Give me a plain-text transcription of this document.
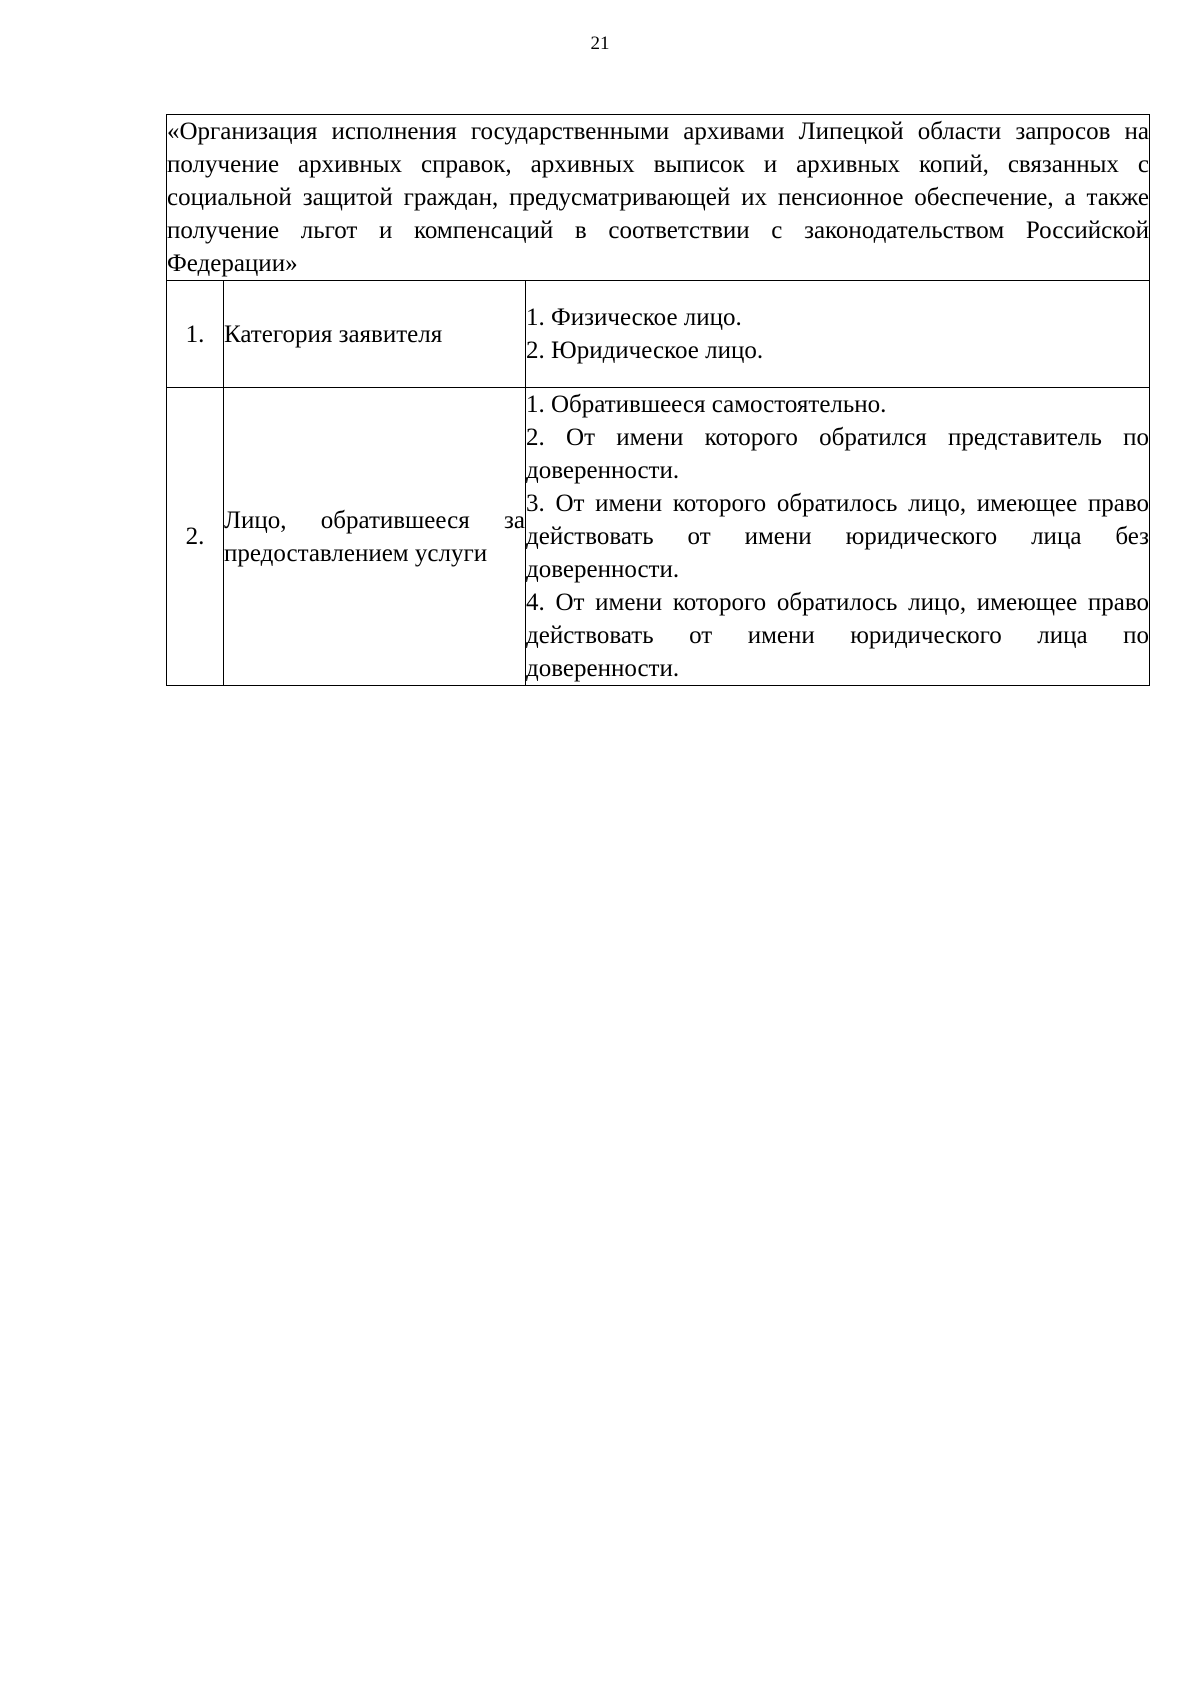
21
«Организация исполнения государственными архивами Липецкой области запросов на получение архивных справок, архивных выписок и архивных копий, связанных с социальной защитой граждан, предусматривающей их пенсионное обеспечение, а также получение льгот и компенсаций в соответствии с законодательством Российской Федерации»		
1.	Категория заявителя	1. Физическое лицо.
2. Юридическое лицо.

2.	Лицо, обратившееся за предоставлением услуги	1. Обратившееся самостоятельно.
2. От имени которого обратился представитель по доверенности.
3. От имени которого обратилось лицо, имеющее право действовать от имени юридического лица без доверенности.
4. От имени которого обратилось лицо, имеющее право действовать от имени юридического лица по доверенности.
